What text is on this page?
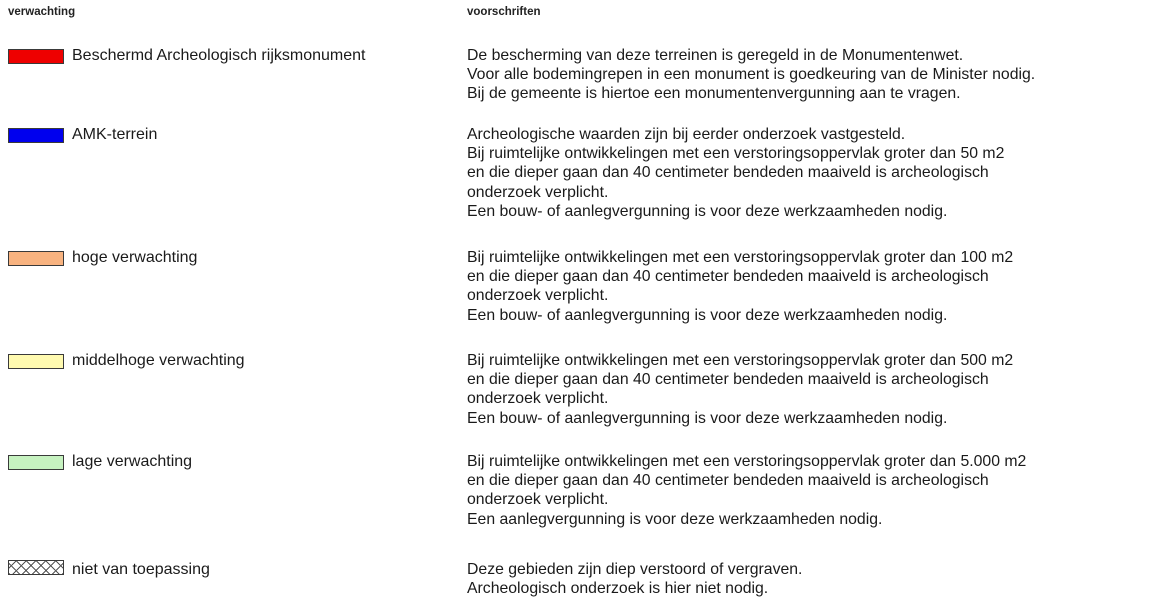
verwachting	voorschriften
Beschermd Archeologisch rijksmonument	De bescherming van deze terreinen is geregeld in de Monumentenwet.
Voor alle bodemingrepen in een monument is goedkeuring van de Minister nodig.
Bij de gemeente is hiertoe een monumentenvergunning aan te vragen.
AMK-terrein	Archeologische waarden zijn bij eerder onderzoek vastgesteld.
Bij ruimtelijke ontwikkelingen met een verstoringsoppervlak groter dan 50 m2
en die dieper gaan dan 40 centimeter bendeden maaiveld is archeologisch
onderzoek verplicht.
Een bouw- of aanlegvergunning is voor deze werkzaamheden nodig.
hoge verwachting	Bij ruimtelijke ontwikkelingen met een verstoringsoppervlak groter dan 100 m2
en die dieper gaan dan 40 centimeter bendeden maaiveld is archeologisch
onderzoek verplicht.
Een bouw- of aanlegvergunning is voor deze werkzaamheden nodig.
middelhoge verwachting	Bij ruimtelijke ontwikkelingen met een verstoringsoppervlak groter dan 500 m2
en die dieper gaan dan 40 centimeter bendeden maaiveld is archeologisch
onderzoek verplicht.
Een bouw- of aanlegvergunning is voor deze werkzaamheden nodig.
lage verwachting	Bij ruimtelijke ontwikkelingen met een verstoringsoppervlak groter dan 5.000 m2
en die dieper gaan dan 40 centimeter bendeden maaiveld is archeologisch
onderzoek verplicht.
Een aanlegvergunning is voor deze werkzaamheden nodig.
niet van toepassing	Deze gebieden zijn diep verstoord of vergraven.
Archeologisch onderzoek is hier niet nodig.
